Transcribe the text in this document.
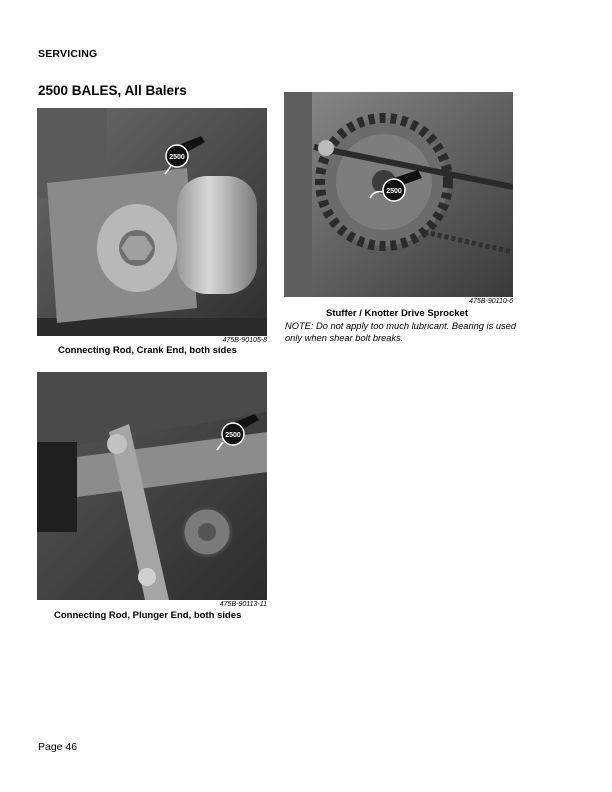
SERVICING
2500 BALES, All Balers
2500
475B-90105-8
Connecting Rod, Crank End, both sides
2500
475B-90110-6
Stuffer / Knotter Drive Sprocket
NOTE: Do not apply too much lubricant. Bearing is used only when shear bolt breaks.
2500
475B-90113-11
Connecting Rod, Plunger End, both sides
Page 46
